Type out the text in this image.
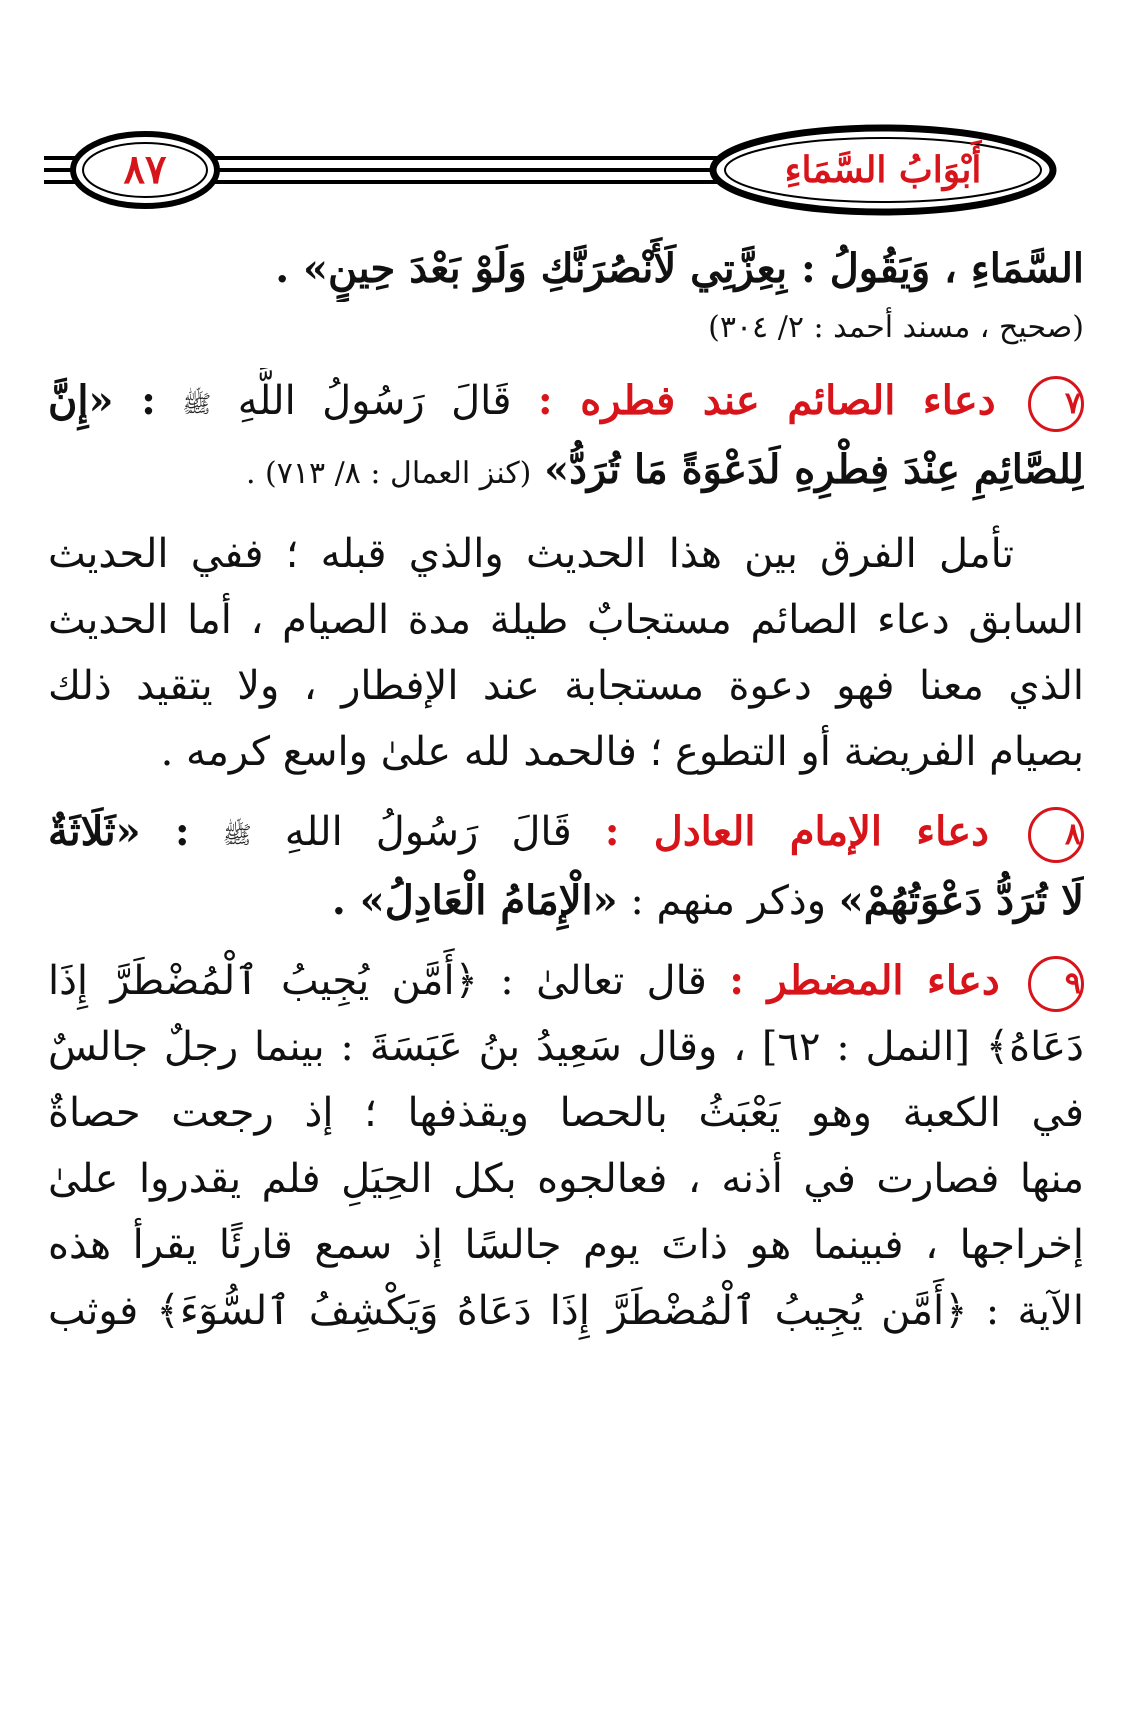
٨٧	أَبْوَابُ السَّمَاءِ

السَّمَاءِ ، وَيَقُولُ : بِعِزَّتِي لَأَنْصُرَنَّكِ وَلَوْ بَعْدَ حِينٍ» .

(صحيح ، مسند أحمد : ٢/ ٣٠٤)

٧ دعاء الصائم عند فطره : قَالَ رَسُولُ اللَّهِ ﷺ : «إِنَّ

لِلصَّائِمِ عِنْدَ فِطْرِهِ لَدَعْوَةً مَا تُرَدُّ» (كنز العمال : ٨/ ٧١٣) .

تأمل الفرق بين هذا الحديث والذي قبله ؛ ففي الحديث

السابق دعاء الصائم مستجابٌ طيلة مدة الصيام ، أما الحديث

الذي معنا فهو دعوة مستجابة عند الإفطار ، ولا يتقيد ذلك

بصيام الفريضة أو التطوع ؛ فالحمد لله علىٰ واسع كرمه .

٨ دعاء الإمام العادل : قَالَ رَسُولُ اللهِ ﷺ : «ثَلَاثَةٌ

لَا تُرَدُّ دَعْوَتُهُمْ» وذكر منهم : «الْإِمَامُ الْعَادِلُ» .

٩ دعاء المضطر : قال تعالىٰ : ﴿أَمَّن يُجِيبُ ٱلْمُضْطَرَّ إِذَا

دَعَاهُ﴾ [النمل : ٦٢] ، وقال سَعِيدُ بنُ عَبَسَةَ : بينما رجلٌ جالسٌ

في الكعبة وهو يَعْبَثُ بالحصا ويقذفها ؛ إذ رجعت حصاةٌ

منها فصارت في أذنه ، فعالجوه بكل الحِيَلِ فلم يقدروا علىٰ

إخراجها ، فبينما هو ذاتَ يوم جالسًا إذ سمع قارئًا يقرأ هذه

الآية : ﴿أَمَّن يُجِيبُ ٱلْمُضْطَرَّ إِذَا دَعَاهُ وَيَكْشِفُ ٱلسُّوٓءَ﴾ فوثب
